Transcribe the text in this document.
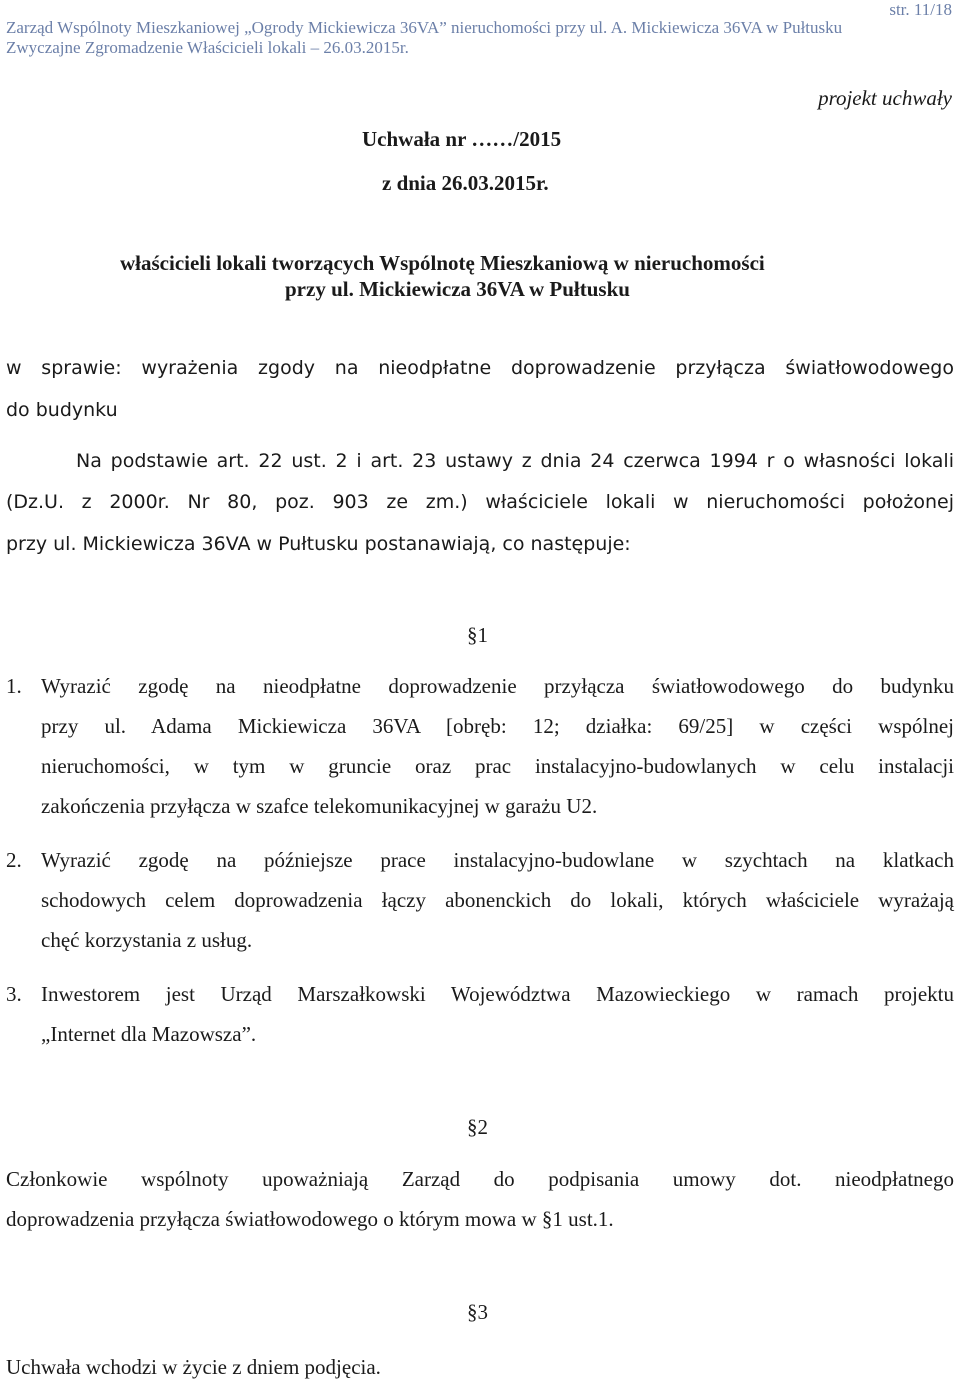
Zarząd Wspólnoty Mieszkaniowej „Ogrody Mickiewicza 36VA” nieruchomości przy ul. A. Mickiewicza 36VA w Pułtusku
Zwyczajne Zgromadzenie Właścicieli lokali – 26.03.2015r.
str. 11/18
projekt uchwały
Uchwała nr ……/2015
z dnia 26.03.2015r.
właścicieli lokali tworzących Wspólnotę Mieszkaniową w nieruchomości
przy ul. Mickiewicza 36VA w Pułtusku
w sprawie: wyrażenia zgody na nieodpłatne doprowadzenie przyłącza światłowodowego
do budynku
Na podstawie art. 22 ust. 2 i art. 23 ustawy z dnia 24 czerwca 1994 r o własności lokali
(Dz.U. z 2000r. Nr 80, poz. 903 ze zm.) właściciele lokali w nieruchomości położonej
przy ul. Mickiewicza 36VA w Pułtusku postanawiają, co następuje:
§1
1. Wyrazić zgodę na nieodpłatne doprowadzenie przyłącza światłowodowego do budynku
przy ul. Adama Mickiewicza 36VA [obręb: 12; działka: 69/25] w części wspólnej
nieruchomości, w tym w gruncie oraz prac instalacyjno-budowlanych w celu instalacji
zakończenia przyłącza w szafce telekomunikacyjnej w garażu U2.
2. Wyrazić zgodę na późniejsze prace instalacyjno-budowlane w szychtach na klatkach
schodowych celem doprowadzenia łączy abonenckich do lokali, których właściciele wyrażają
chęć korzystania z usług.
3. Inwestorem jest Urząd Marszałkowski Województwa Mazowieckiego w ramach projektu
„Internet dla Mazowsza”.
§2
Członkowie wspólnoty upoważniają Zarząd do podpisania umowy dot. nieodpłatnego
doprowadzenia przyłącza światłowodowego o którym mowa w §1 ust.1.
§3
Uchwała wchodzi w życie z dniem podjęcia.
